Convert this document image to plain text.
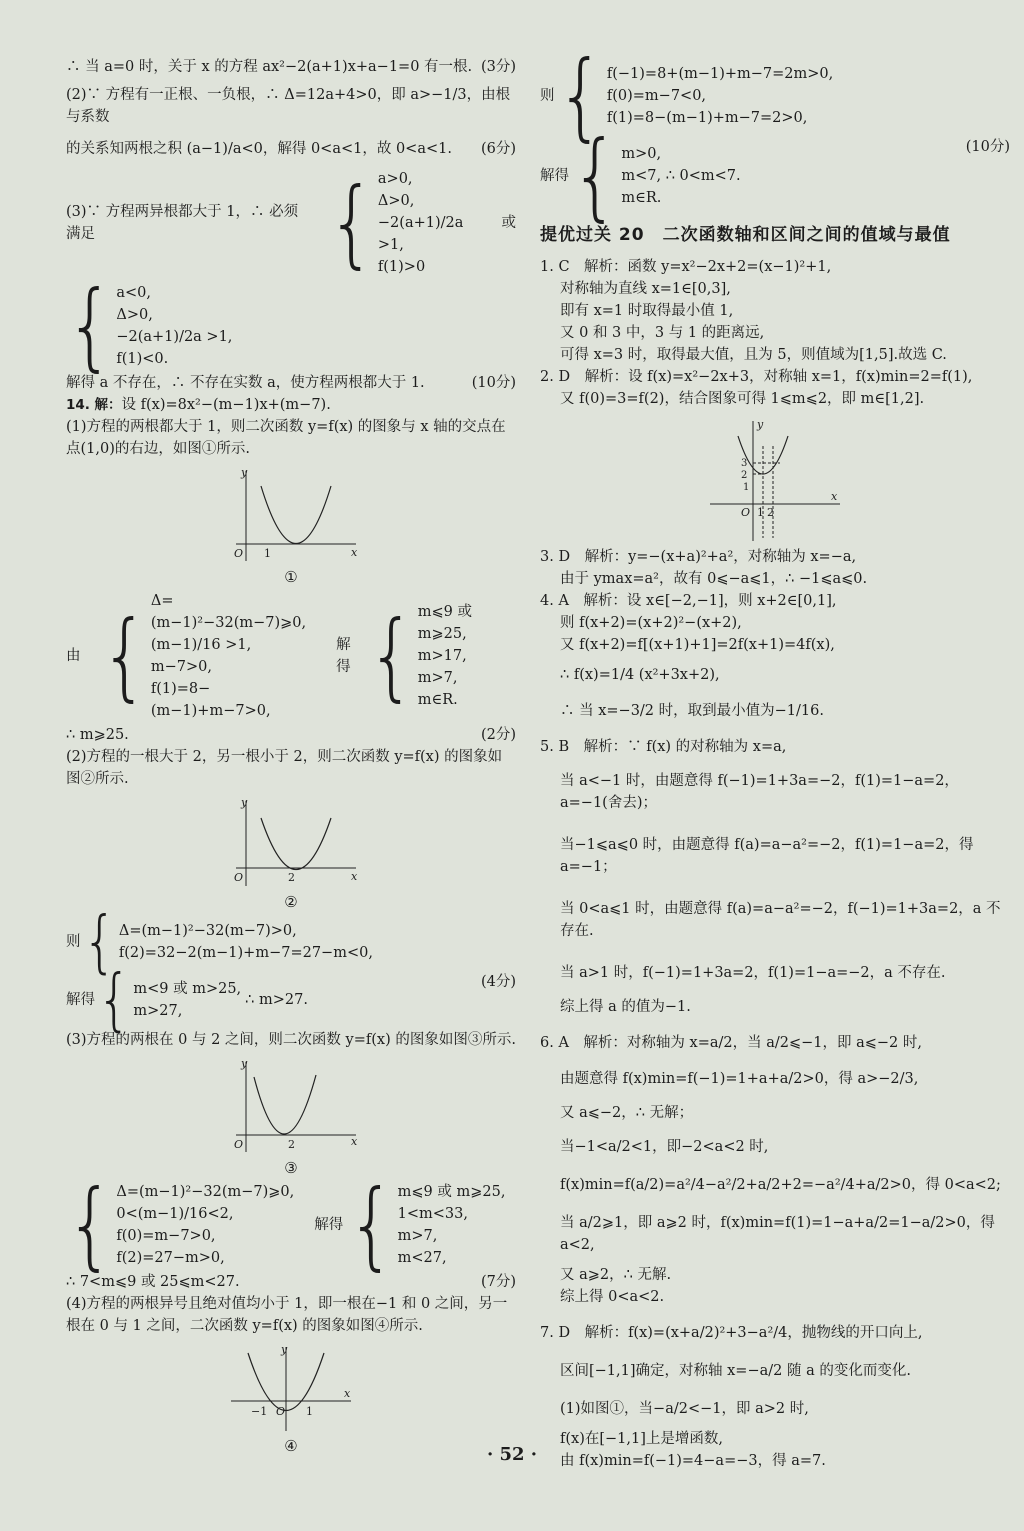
∴ 当 a=0 时，关于 x 的方程 ax²−2(a+1)x+a−1=0 有一根. (3分)

(2)∵ 方程有一正根、一负根，∴ Δ=12a+4>0，即 a>−1/3，由根与系数

的关系知两根之积 (a−1)/a<0，解得 0<a<1，故 0<a<1.	(6分)
(3)∵ 方程两异根都大于 1，∴ 必须满足	{ a>0,
Δ>0,
−2(a+1)/2a >1,
f(1)>0
或
{ a<0,
Δ>0,
−2(a+1)/2a >1,
f(1)<0.
解得 a 不存在，∴ 不存在实数 a，使方程两根都大于 1.	(10分)

14. 解：设 f(x)=8x²−(m−1)x+(m−7).

(1)方程的两根都大于 1，则二次函数 y=f(x) 的图象与 x 轴的交点在点(1,0)的右边，如图①所示.

y
x
O 1
①
由 { Δ=(m−1)²−32(m−7)⩾0,
(m−1)/16 >1,
m−7>0,
f(1)=8−(m−1)+m−7>0,
解得 { m⩽9 或 m⩾25,
m>17,
m>7,
m∈R.
∴ m⩾25.	(2分)

(2)方程的一根大于 2，另一根小于 2，则二次函数 y=f(x) 的图象如图②所示.

y
x
O	2
②
则 { Δ=(m−1)²−32(m−7)>0,
f(2)=32−2(m−1)+m−7=27−m<0,
解得 { m<9 或 m>25,
m>27,
∴ m>27.
(4分)

(3)方程的两根在 0 与 2 之间，则二次函数 y=f(x) 的图象如图③所示.

y
x
O	2
③
{ Δ=(m−1)²−32(m−7)⩾0,
0<(m−1)/16<2,
f(0)=m−7>0,
f(2)=27−m>0,
解得 { m⩽9 或 m⩾25,
1<m<33,
m>7,
m<27,
∴ 7<m⩽9 或 25⩽m<27.	(7分)

(4)方程的两根异号且绝对值均小于 1，即一根在−1 和 0 之间，另一根在 0 与 1 之间，二次函数 y=f(x) 的图象如图④所示.

y
x
O
−1	1
④
则 { f(−1)=8+(m−1)+m−7=2m>0,
f(0)=m−7<0,
f(1)=8−(m−1)+m−7=2>0,
解得 { m>0,
m<7, ∴ 0<m<7.
m∈R.
(10分)
提优过关 20　二次函数轴和区间之间的值域与最值

1. C　解析：函数 y=x²−2x+2=(x−1)²+1,

对称轴为直线 x=1∈[0,3],

即有 x=1 时取得最小值 1,

又 0 和 3 中，3 与 1 的距离远,

可得 x=3 时，取得最大值，且为 5，则值域为[1,5].故选 C.

2. D　解析：设 f(x)=x²−2x+3，对称轴 x=1，f(x)min=2=f(1),

又 f(0)=3=f(2)，结合图象可得 1⩽m⩽2，即 m∈[1,2].

y
x
O 1 2
3
2
1

3. D　解析：y=−(x+a)²+a²，对称轴为 x=−a,

由于 ymax=a²，故有 0⩽−a⩽1，∴ −1⩽a⩽0.

4. A　解析：设 x∈[−2,−1]，则 x+2∈[0,1],

则 f(x+2)=(x+2)²−(x+2),

又 f(x+2)=f[(x+1)+1]=2f(x+1)=4f(x),

∴ f(x)=1/4 (x²+3x+2),

∴ 当 x=−3/2 时，取到最小值为−1/16.

5. B　解析：∵ f(x) 的对称轴为 x=a,

当 a<−1 时，由题意得 f(−1)=1+3a=−2，f(1)=1−a=2，a=−1(舍去)；

当−1⩽a⩽0 时，由题意得 f(a)=a−a²=−2，f(1)=1−a=2，得 a=−1；

当 0<a⩽1 时，由题意得 f(a)=a−a²=−2，f(−1)=1+3a=2，a 不存在.

当 a>1 时，f(−1)=1+3a=2，f(1)=1−a=−2，a 不存在.

综上得 a 的值为−1.

6. A　解析：对称轴为 x=a/2，当 a/2⩽−1，即 a⩽−2 时,

由题意得 f(x)min=f(−1)=1+a+a/2>0，得 a>−2/3,

又 a⩽−2，∴ 无解；

当−1<a/2<1，即−2<a<2 时,

f(x)min=f(a/2)=a²/4−a²/2+a/2+2=−a²/4+a/2>0，得 0<a<2;

当 a/2⩾1，即 a⩾2 时，f(x)min=f(1)=1−a+a/2=1−a/2>0，得 a<2,

又 a⩾2，∴ 无解.

综上得 0<a<2.

7. D　解析：f(x)=(x+a/2)²+3−a²/4，抛物线的开口向上,

区间[−1,1]确定，对称轴 x=−a/2 随 a 的变化而变化.

(1)如图①，当−a/2<−1，即 a>2 时,

f(x)在[−1,1]上是增函数,

由 f(x)min=f(−1)=4−a=−3，得 a=7.

· 52 ·
